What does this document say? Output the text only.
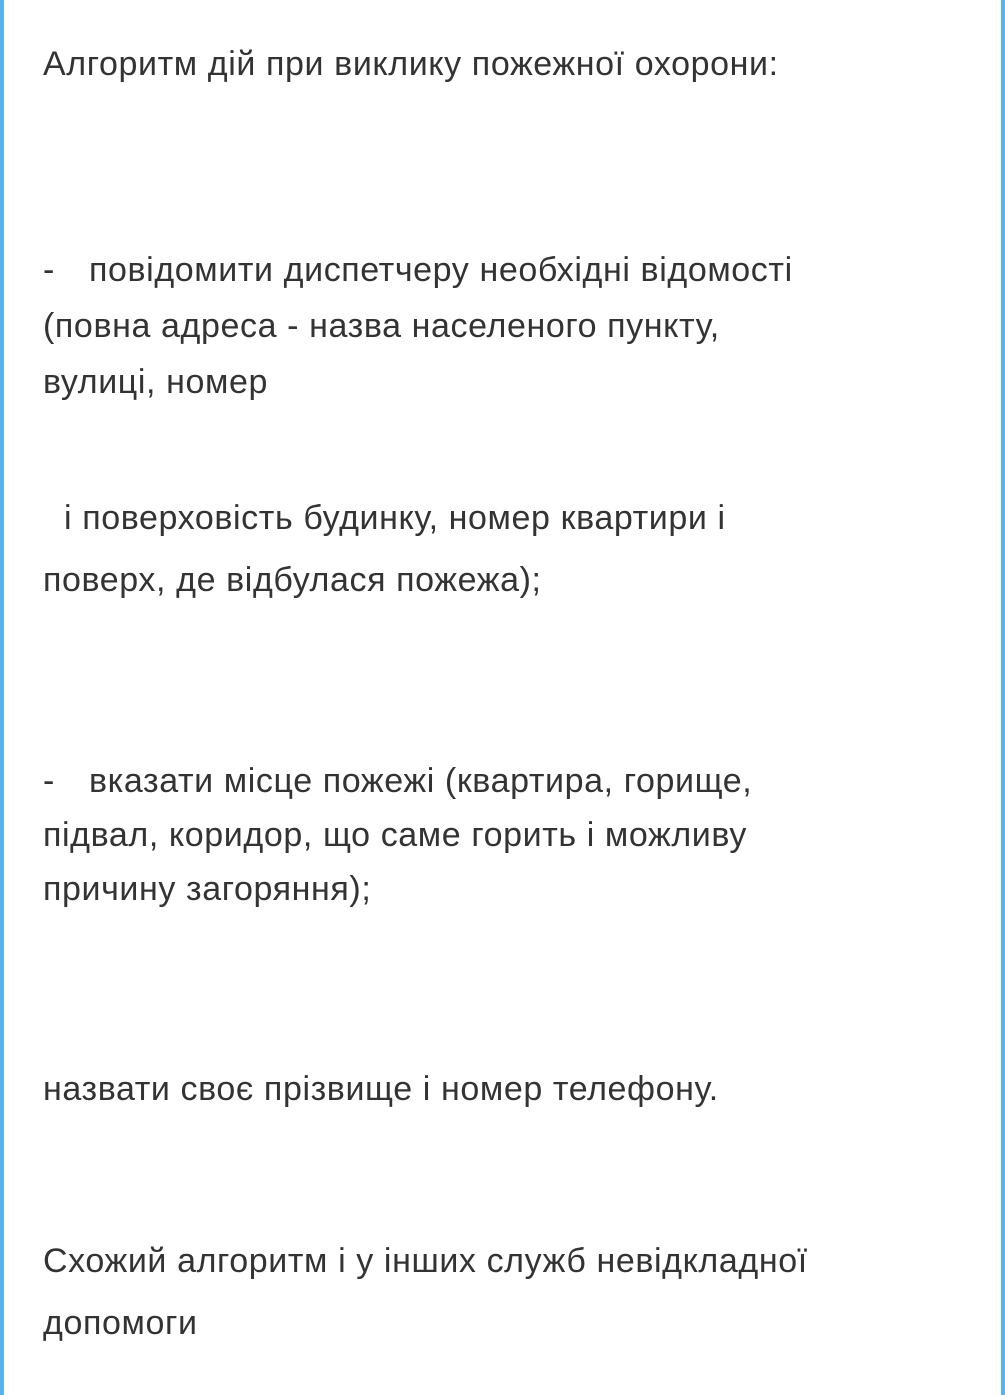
Алгоритм дій при виклику пожежної охорони:

- повідомити диспетчеру необхідні відомості

(повна адреса - назва населеного пункту,

вулиці, номер

і поверховість будинку, номер квартири і

поверх, де відбулася пожежа);

- вказати місце пожежі (квартира, горище,

підвал, коридор, що саме горить і можливу

причину загоряння);

назвати своє прізвище і номер телефону.

Схожий алгоритм і у інших служб невідкладної

допомоги
